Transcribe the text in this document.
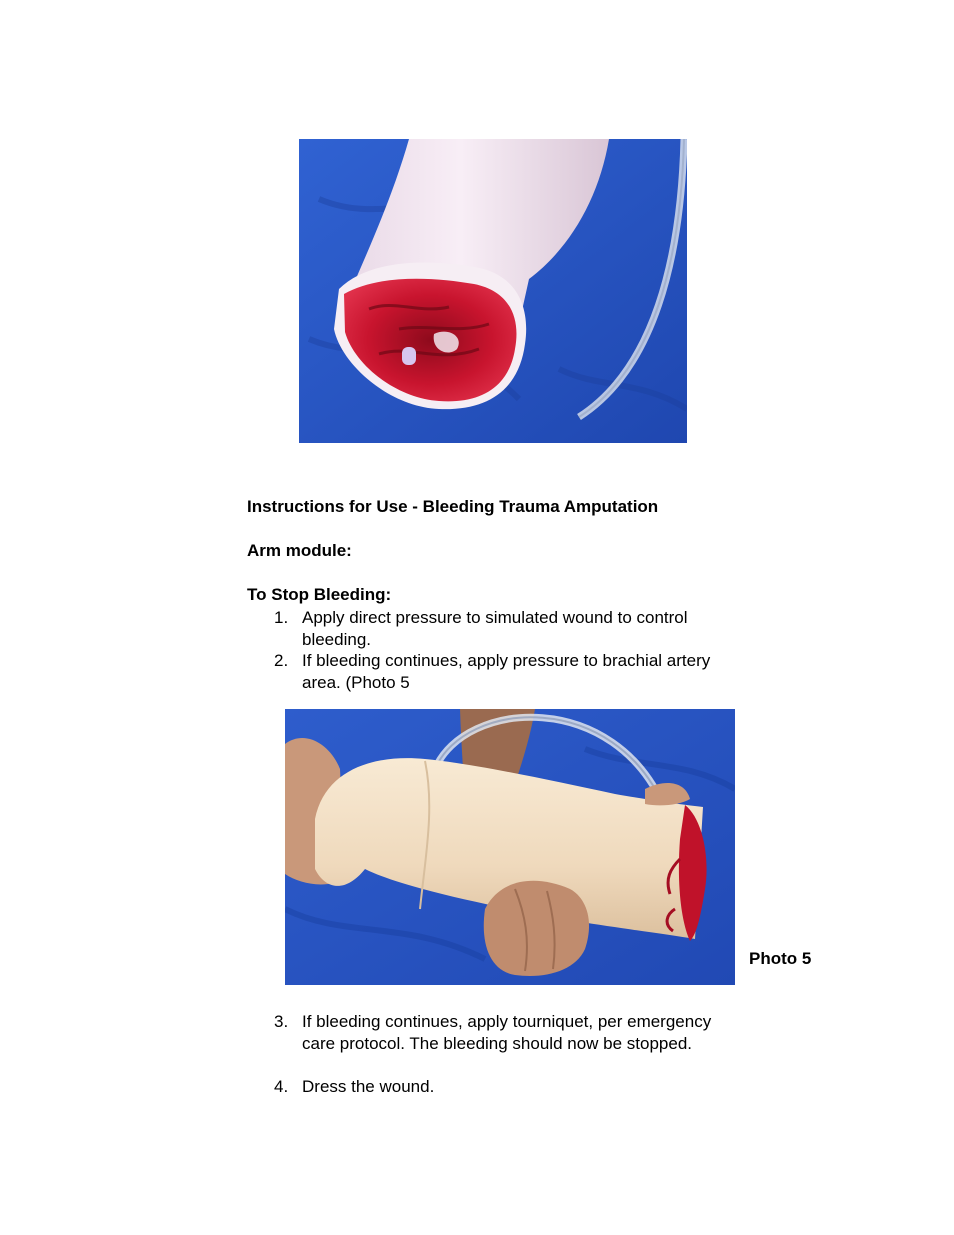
Instructions for Use - Bleeding Trauma Amputation
Arm module:
To Stop Bleeding:
1. Apply direct pressure to simulated wound to control bleeding.
2. If bleeding continues, apply pressure to brachial artery area. (Photo 5
Photo 5
3. If bleeding continues, apply tourniquet, per emergency care protocol. The bleeding should now be stopped.
4. Dress the wound.
